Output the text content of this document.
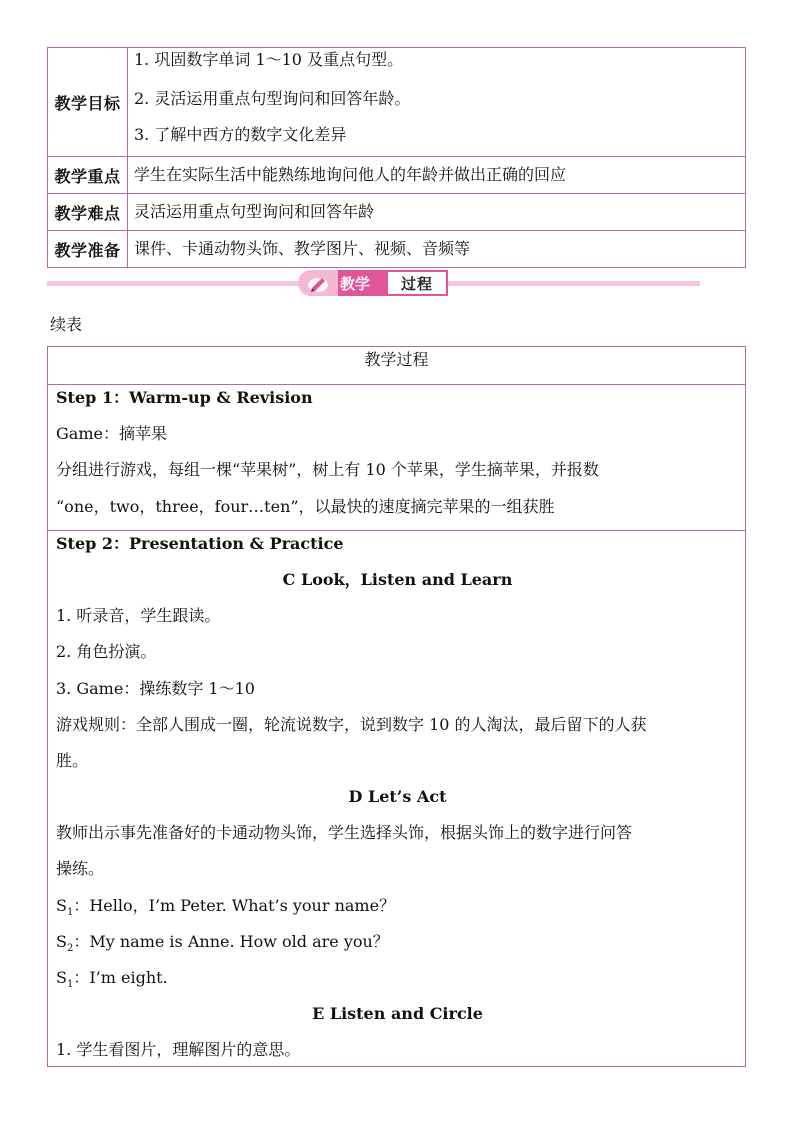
教学目标
1. 巩固数字单词 1～10 及重点句型。
2. 灵活运用重点句型询问和回答年龄。
3. 了解中西方的数字文化差异
教学重点 学生在实际生活中能熟练地询问他人的年龄并做出正确的回应
教学难点 灵活运用重点句型询问和回答年龄
教学准备 课件、卡通动物头饰、教学图片、视频、音频等
教学	过程
续表
教学过程
Step 1：Warm-up & Revision
Game：摘苹果
分组进行游戏，每组一棵“苹果树”，树上有 10 个苹果，学生摘苹果，并报数
“one，two，three，four…ten”，以最快的速度摘完苹果的一组获胜
Step 2：Presentation & Practice
C Look，Listen and Learn
1. 听录音，学生跟读。
2. 角色扮演。
3. Game：操练数字 1～10
游戏规则：全部人围成一圈，轮流说数字，说到数字 10 的人淘汰，最后留下的人获
胜。
D Let’s Act
教师出示事先准备好的卡通动物头饰，学生选择头饰，根据头饰上的数字进行问答
操练。
$S_1$：Hello，I’m Peter. What’s your name？
$S_2$：My name is Anne. How old are you？
$S_1$：I’m eight.
E Listen and Circle
1. 学生看图片，理解图片的意思。
